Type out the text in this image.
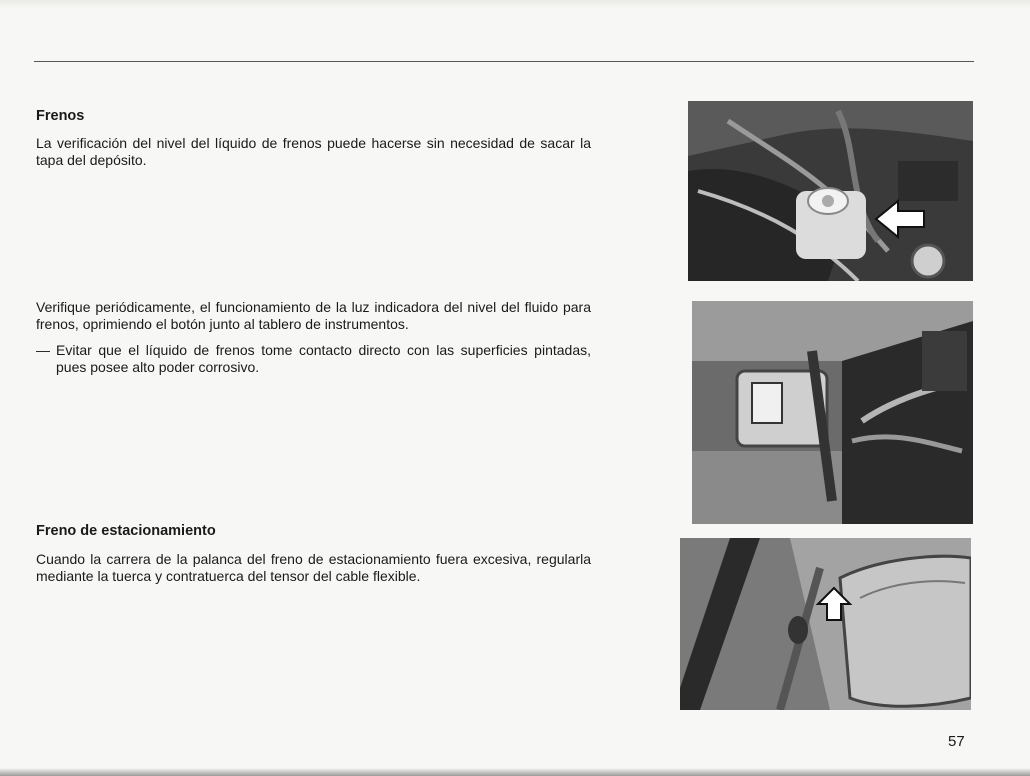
Frenos

La verificación del nivel del líquido de frenos puede hacerse sin necesidad de sacar la tapa del depósito.

Verifique periódicamente, el funcionamiento de la luz indicadora del nivel del fluido para frenos, oprimiendo el botón junto al tablero de instrumentos.

— Evitar que el líquido de frenos tome contacto directo con las superficies pintadas, pues posee alto poder corrosivo.

Freno de estacionamiento

Cuando la carrera de la palanca del freno de estacionamiento fuera excesiva, regularla mediante la tuerca y contratuerca del tensor del cable flexible.

57
